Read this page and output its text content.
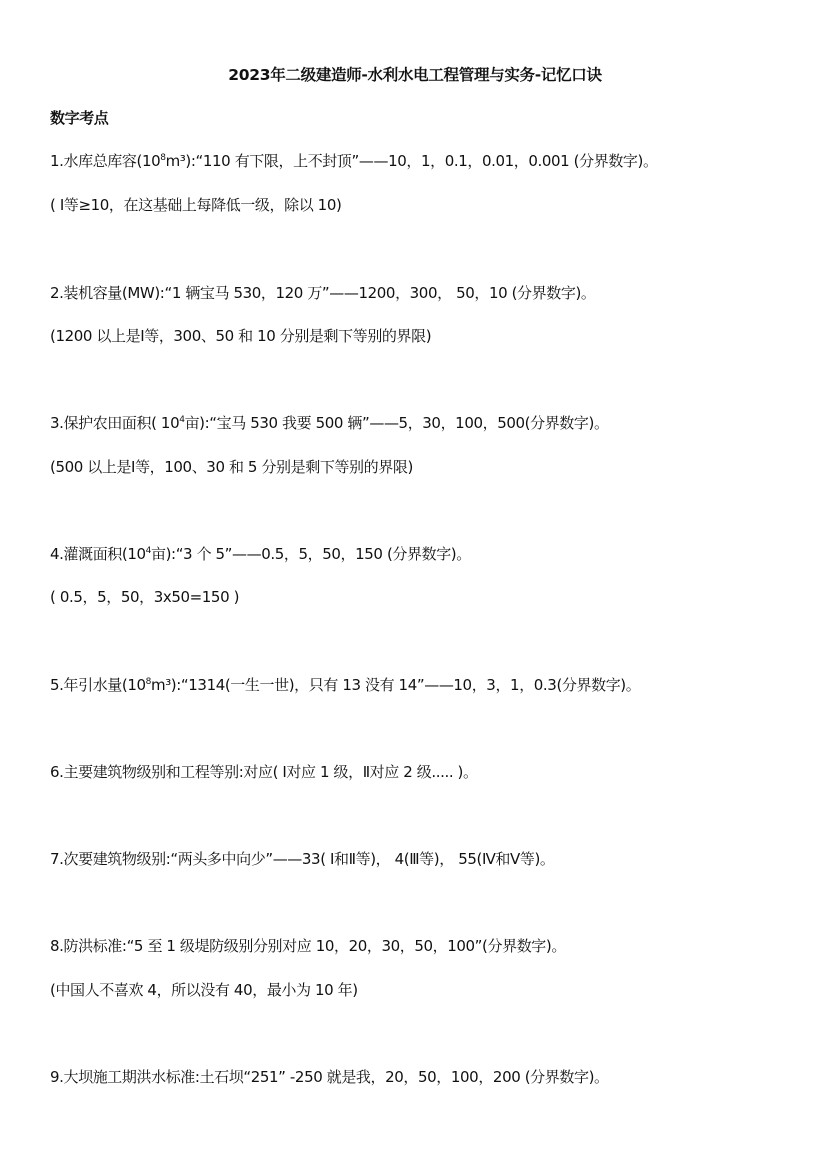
2023年二级建造师-水利水电工程管理与实务-记忆口诀
数字考点
1.水库总库容$(10^8m^3):“110$ 有下限，上不封顶”——10，1，0.1，0.01，0.001 (分界数字)。
( Ⅰ等≥10，在这基础上每降低一级，除以 10)
2.装机容量(MW):“1 辆宝马 530，120 万”——1200，300， 50，10 (分界数字)。
(1200 以上是Ⅰ等，300、50 和 10 分别是剩下等别的界限)
3.保护农田面积( $10^4$亩):“宝马 530 我要 500 辆”——5，30，100，500(分界数字)。
(500 以上是Ⅰ等，100、30 和 5 分别是剩下等别的界限)
4.灌溉面积($10^4$亩):“3 个 5”——0.5，5，50，150 (分界数字)。
( 0.5，5，50，3x50=150 )
5.年引水量$(10^8m^3):“1314$(一生一世)，只有 13 没有 14”——10，3，1，0.3(分界数字)。
6.主要建筑物级别和工程等别:对应( Ⅰ对应 1 级，Ⅱ对应 2 级..... )。
7.次要建筑物级别:“两头多中向少”——33( Ⅰ和Ⅱ等)， 4(Ⅲ等)， 55(Ⅳ和Ⅴ等)。
8.防洪标准:“5 至 1 级堤防级别分别对应 10，20，30，50，100”(分界数字)。
(中国人不喜欢 4，所以没有 40，最小为 10 年)
9.大坝施工期洪水标准:土石坝“251” -250 就是我，20，50，100，200 (分界数字)。
